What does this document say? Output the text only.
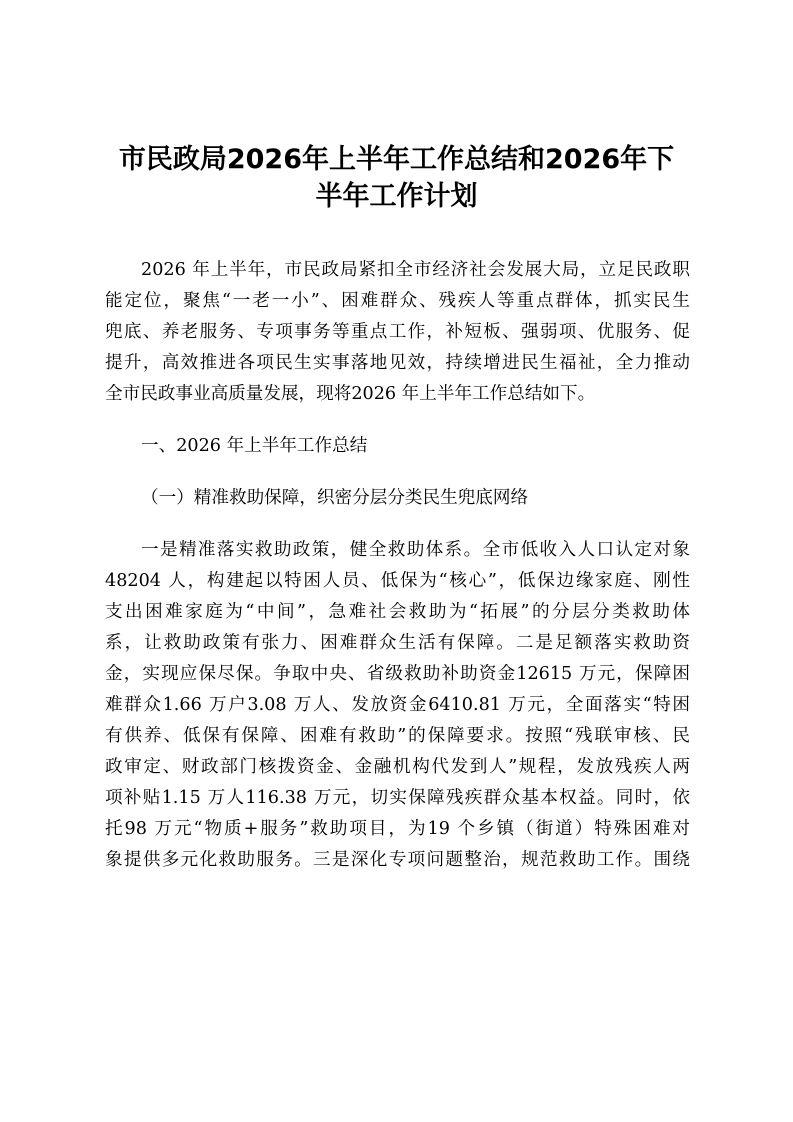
市民政局2026年上半年工作总结和2026年下
半年工作计划
2026 年上半年，市民政局紧扣全市经济社会发展大局，立足民政职
能定位，聚焦“一老一小”、困难群众、残疾人等重点群体，抓实民生
兜底、养老服务、专项事务等重点工作，补短板、强弱项、优服务、促
提升，高效推进各项民生实事落地见效，持续增进民生福祉，全力推动
全市民政事业高质量发展，现将2026 年上半年工作总结如下。
一、2026 年上半年工作总结
（一）精准救助保障，织密分层分类民生兜底网络
一是精准落实救助政策，健全救助体系。全市低收入人口认定对象
48204 人，构建起以特困人员、低保为“核心”，低保边缘家庭、刚性
支出困难家庭为“中间”，急难社会救助为“拓展”的分层分类救助体
系，让救助政策有张力、困难群众生活有保障。二是足额落实救助资
金，实现应保尽保。争取中央、省级救助补助资金12615 万元，保障困
难群众1.66 万户3.08 万人、发放资金6410.81 万元，全面落实“特困
有供养、低保有保障、困难有救助”的保障要求。按照“残联审核、民
政审定、财政部门核拨资金、金融机构代发到人”规程，发放残疾人两
项补贴1.15 万人116.38 万元，切实保障残疾群众基本权益。同时，依
托98 万元“物质+服务”救助项目，为19 个乡镇（街道）特殊困难对
象提供多元化救助服务。三是深化专项问题整治，规范救助工作。围绕
